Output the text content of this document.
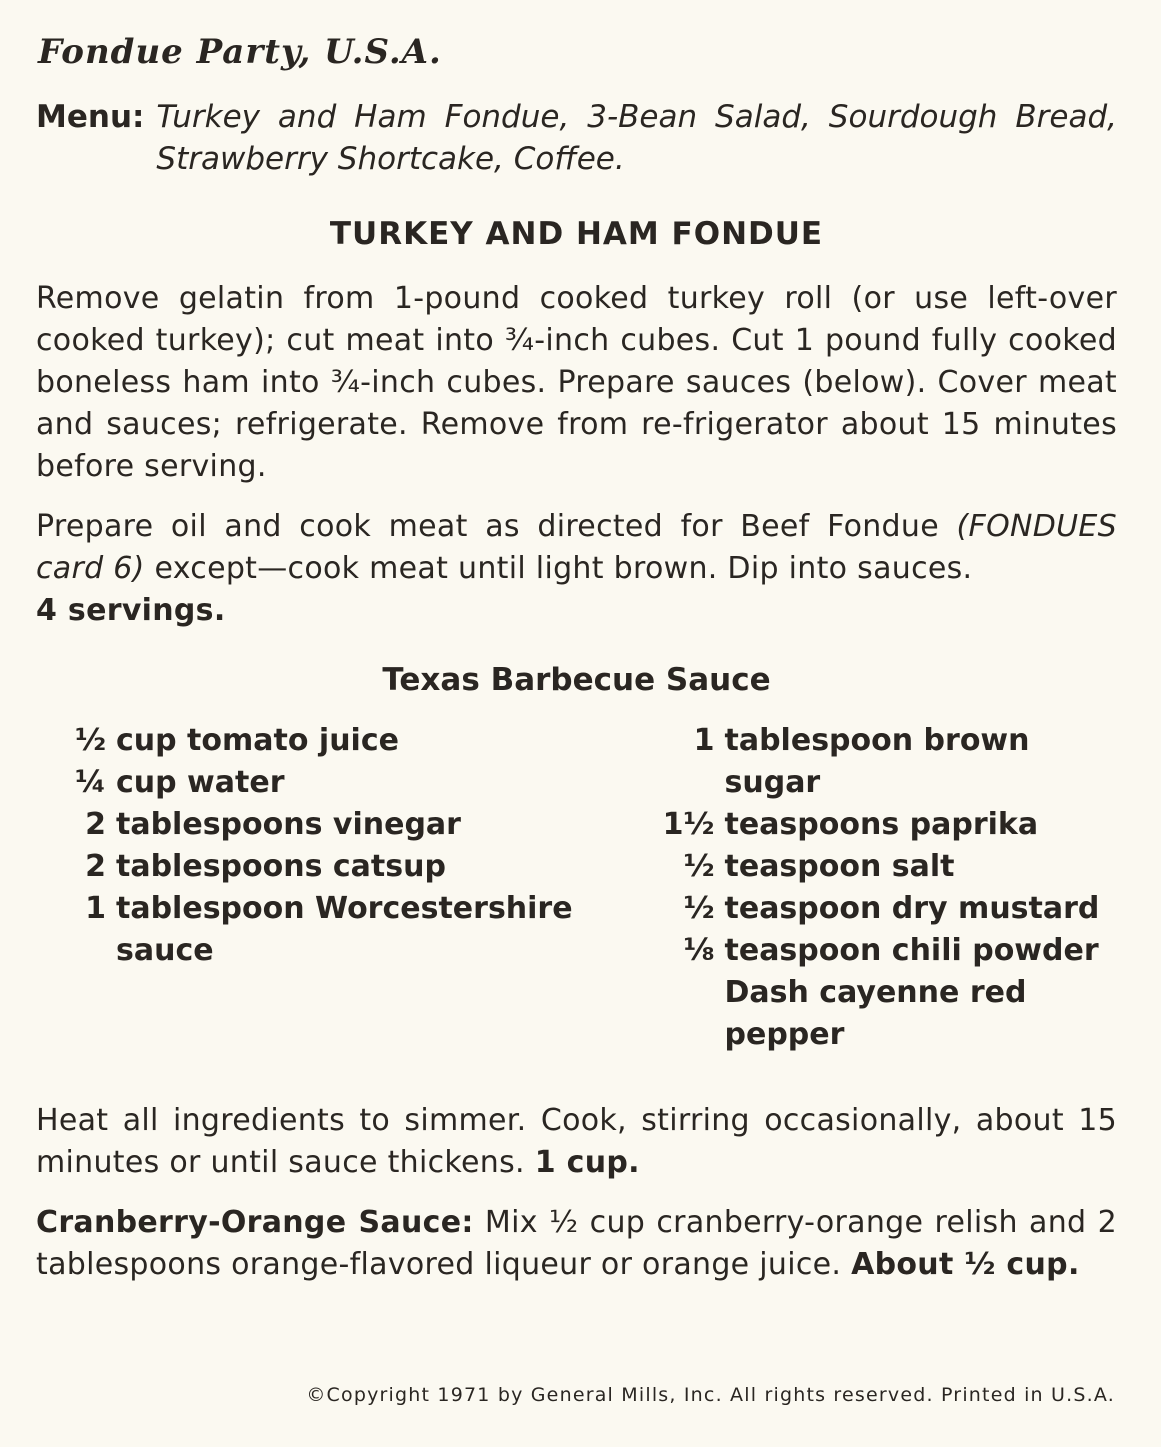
Fondue Party, U.S.A.
Menu: Turkey and Ham Fondue, 3-Bean Salad, Sourdough Bread, Strawberry Shortcake, Coffee.
TURKEY AND HAM FONDUE
Remove gelatin from 1-pound cooked turkey roll (or use left-over cooked turkey); cut meat into ¾-inch cubes. Cut 1 pound fully cooked boneless ham into ¾-inch cubes. Prepare sauces (below). Cover meat and sauces; refrigerate. Remove from re-frigerator about 15 minutes before serving.
Prepare oil and cook meat as directed for Beef Fondue (FONDUES card 6) except—cook meat until light brown. Dip into sauces.
4 servings.
Texas Barbecue Sauce
½ cup tomato juice
¼ cup water
2 tablespoons vinegar
2 tablespoons catsup
1 tablespoon Worcestershire sauce
1 tablespoon brown sugar
1½ teaspoons paprika
½ teaspoon salt
½ teaspoon dry mustard
⅛ teaspoon chili powder
Dash cayenne red pepper
Heat all ingredients to simmer. Cook, stirring occasionally, about 15 minutes or until sauce thickens. 1 cup.
Cranberry-Orange Sauce: Mix ½ cup cranberry-orange relish and 2 tablespoons orange-flavored liqueur or orange juice. About ½ cup.
©Copyright 1971 by General Mills, Inc. All rights reserved. Printed in U.S.A.
